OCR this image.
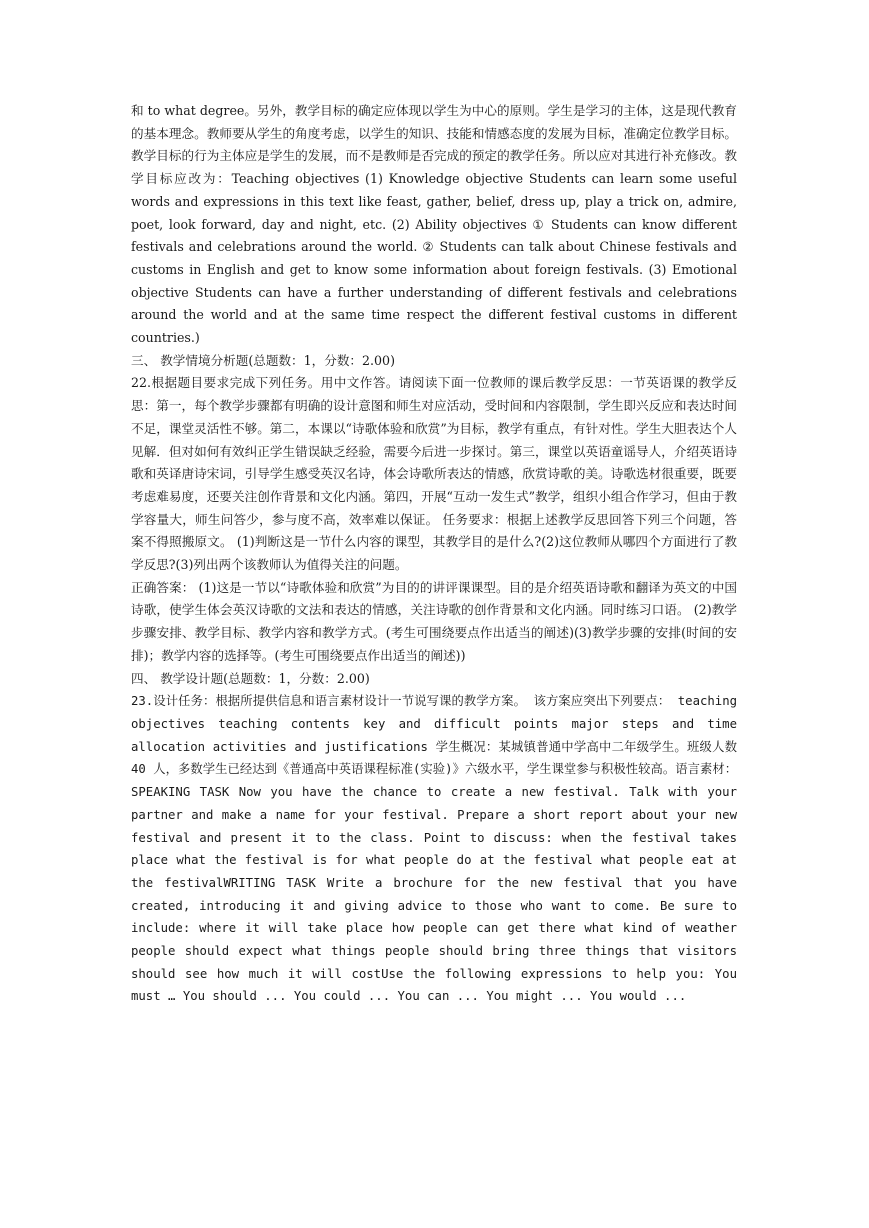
和 to what degree。另外，教学目标的确定应体现以学生为中心的原则。学生是学习的主体，这是现代教育的基本理念。教师要从学生的角度考虑，以学生的知识、技能和情感态度的发展为目标，准确定位教学目标。教学目标的行为主体应是学生的发展，而不是教师是否完成的预定的教学任务。所以应对其进行补充修改。教学目标应改为：Teaching objectives (1) Knowledge objective Students can learn some useful words and expressions in this text like feast, gather, belief, dress up, play a trick on, admire, poet, look forward, day and night, etc. (2) Ability objectives ① Students can know different festivals and celebrations around the world. ② Students can talk about Chinese festivals and customs in English and get to know some information about foreign festivals. (3) Emotional objective Students can have a further understanding of different festivals and celebrations around the world and at the same time respect the different festival customs in different countries.)

三、 教学情境分析题(总题数：1，分数：2.00)

22.根据题目要求完成下列任务。用中文作答。请阅读下面一位教师的课后教学反思：一节英语课的教学反思：第一，每个教学步骤都有明确的设计意图和师生对应活动，受时间和内容限制，学生即兴反应和表达时间不足，课堂灵活性不够。第二，本课以“诗歌体验和欣赏”为目标，教学有重点，有针对性。学生大胆表达个人见解．但对如何有效纠正学生错误缺乏经验，需要今后进一步探讨。第三，课堂以英语童谣导人，介绍英语诗歌和英译唐诗宋词，引导学生感受英汉名诗，体会诗歌所表达的情感，欣赏诗歌的美。诗歌选材很重要，既要考虑难易度，还要关注创作背景和文化内涵。第四，开展“互动一发生式”教学，组织小组合作学习，但由于教学容量大，师生问答少，参与度不高，效率难以保证。 任务要求：根据上述教学反思回答下列三个问题，答案不得照搬原文。 (1)判断这是一节什么内容的课型，其教学目的是什么?(2)这位教师从哪四个方面进行了教学反思?(3)列出两个该教师认为值得关注的问题。

正确答案： (1)这是一节以“诗歌体验和欣赏”为目的的讲评课课型。目的是介绍英语诗歌和翻译为英文的中国诗歌，使学生体会英汉诗歌的文法和表达的情感，关注诗歌的创作背景和文化内涵。同时练习口语。 (2)教学步骤安排、教学目标、教学内容和教学方式。(考生可围绕要点作出适当的阐述)(3)教学步骤的安排(时间的安排)；教学内容的选择等。(考生可围绕要点作出适当的阐述))

四、 教学设计题(总题数：1，分数：2.00)

23.设计任务：根据所提供信息和语言素材设计一节说写课的教学方案。 该方案应突出下列要点： teaching objectives teaching contents key and difficult points major steps and time allocation activities and justifications 学生概况：某城镇普通中学高中二年级学生。班级人数 40 人，多数学生已经达到《普通高中英语课程标准(实验)》六级水平，学生课堂参与积极性较高。语言素材： SPEAKING TASK Now you have the chance to create a new festival. Talk with your partner and make a name for your festival. Prepare a short report about your new festival and present it to the class. Point to discuss: when the festival takes place what the festival is for what people do at the festival what people eat at the festivalWRITING TASK Write a brochure for the new festival that you have created, introducing it and giving advice to those who want to come. Be sure to include: where it will take place how people can get there what kind of weather people should expect what things people should bring three things that visitors should see how much it will costUse the following expressions to help you: You must … You should ... You could ... You can ... You might ... You would ...
